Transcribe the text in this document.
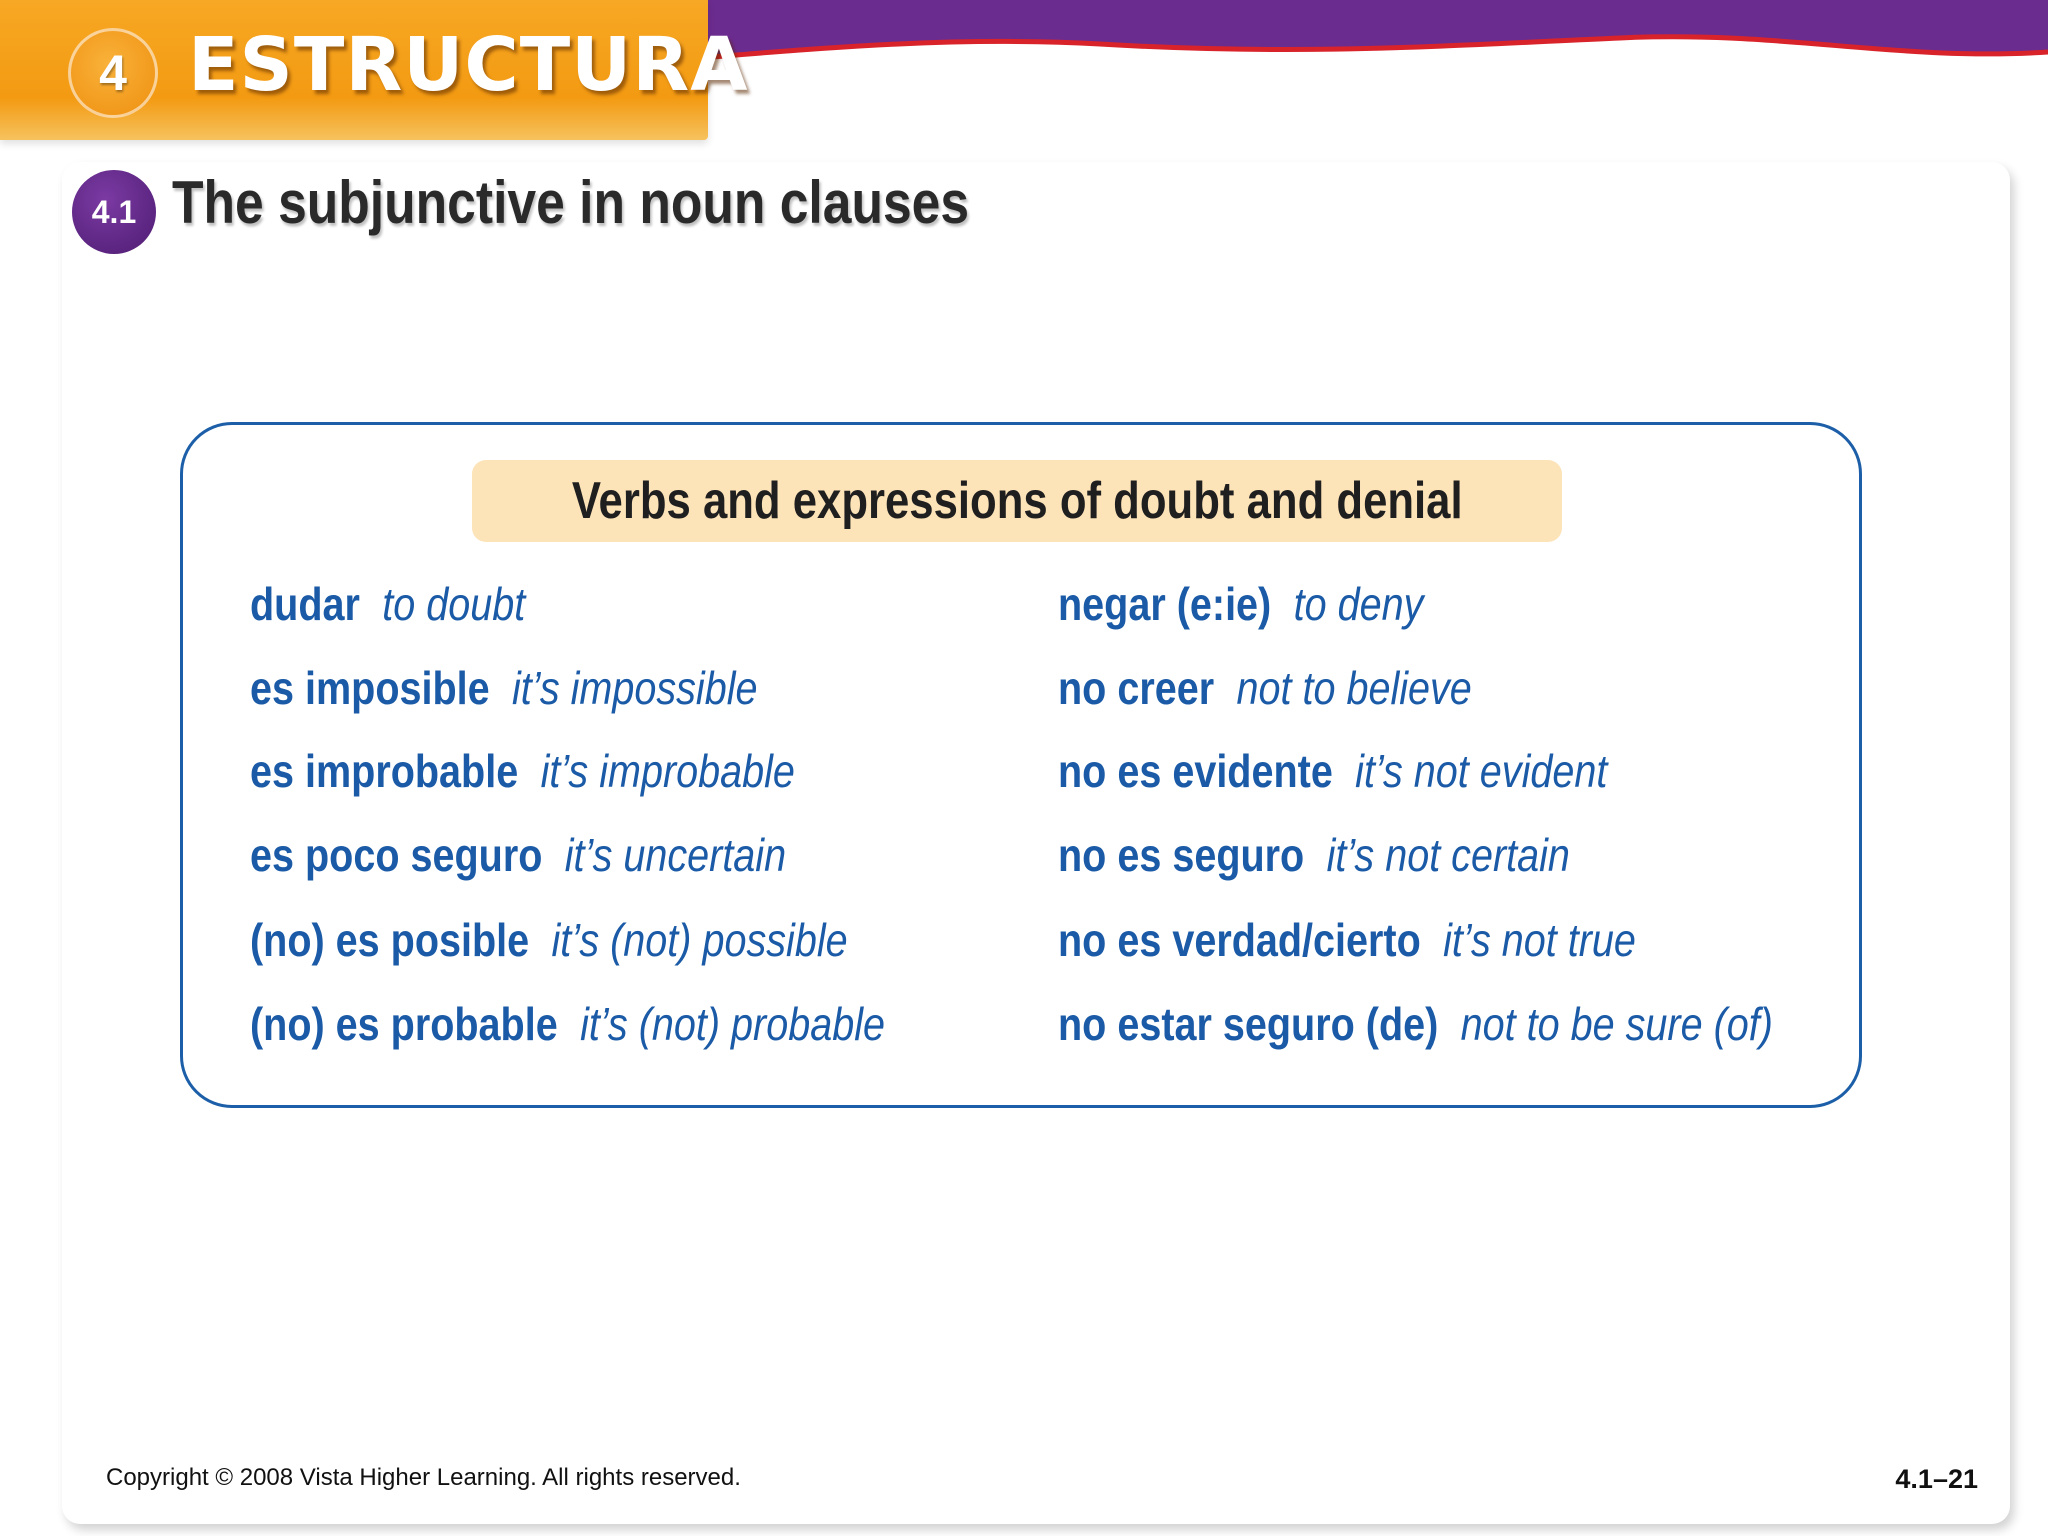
4 ESTRUCTURA
4.1 The subjunctive in noun clauses
Verbs and expressions of doubt and denial
dudar to doubt
es imposible it’s impossible
es improbable it’s improbable
es poco seguro it’s uncertain
(no) es posible it’s (not) possible
(no) es probable it’s (not) probable
negar (e:ie) to deny
no creer not to believe
no es evidente it’s not evident
no es seguro it’s not certain
no es verdad/cierto it’s not true
no estar seguro (de) not to be sure (of)
Copyright © 2008 Vista Higher Learning. All rights reserved.	4.1–21
